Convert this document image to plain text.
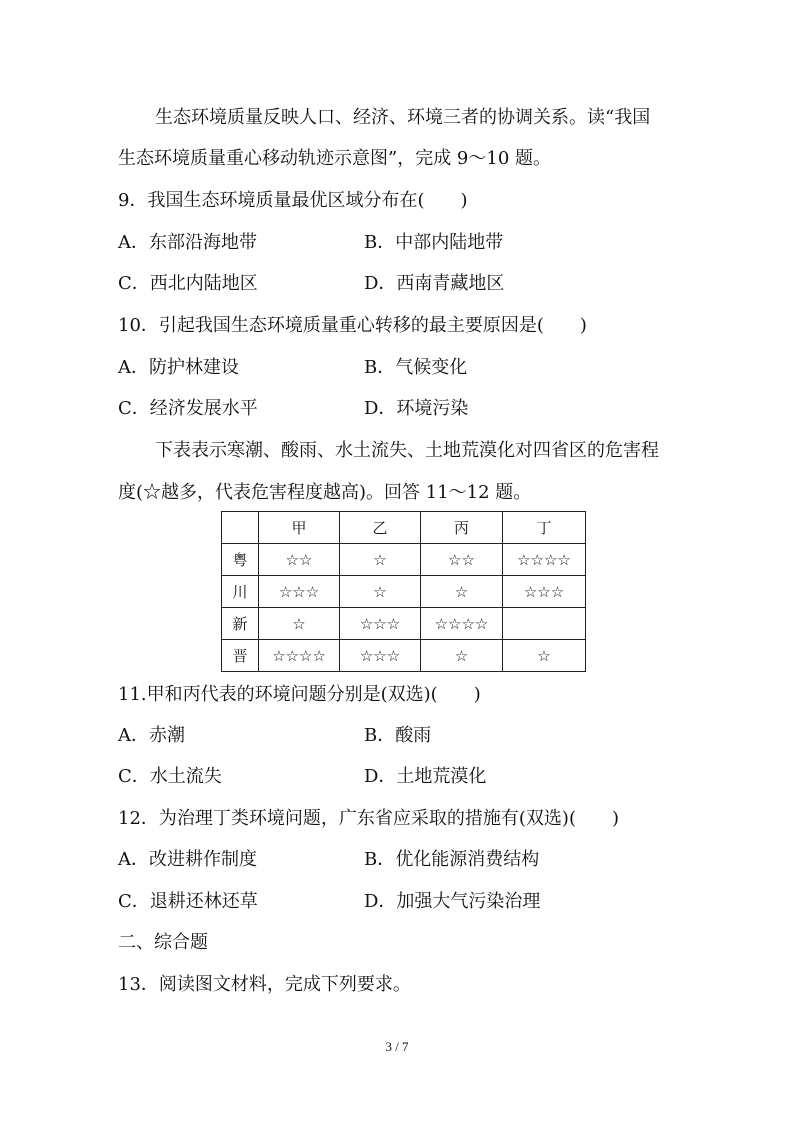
生态环境质量反映人口、经济、环境三者的协调关系。读“我国
生态环境质量重心移动轨迹示意图”，完成 9～10 题。
9．我国生态环境质量最优区域分布在(　　)
A．东部沿海地带	B．中部内陆地带
C．西北内陆地区	D．西南青藏地区
10．引起我国生态环境质量重心转移的最主要原因是(　　)
A．防护林建设	B．气候变化
C．经济发展水平	D．环境污染
下表表示寒潮、酸雨、水土流失、土地荒漠化对四省区的危害程
度(☆越多，代表危害程度越高)。回答 11～12 题。
	甲	乙	丙	丁
粤	☆☆	☆	☆☆	☆☆☆☆
川	☆☆☆	☆	☆	☆☆☆
新	☆	☆☆☆	☆☆☆☆	
晋	☆☆☆☆	☆☆☆	☆	☆
11.甲和丙代表的环境问题分别是(双选)(　　)
A．赤潮	B．酸雨
C．水土流失	D．土地荒漠化
12．为治理丁类环境问题，广东省应采取的措施有(双选)(　　)
A．改进耕作制度	B．优化能源消费结构
C．退耕还林还草	D．加强大气污染治理
二、综合题
13．阅读图文材料，完成下列要求。
3 / 7
